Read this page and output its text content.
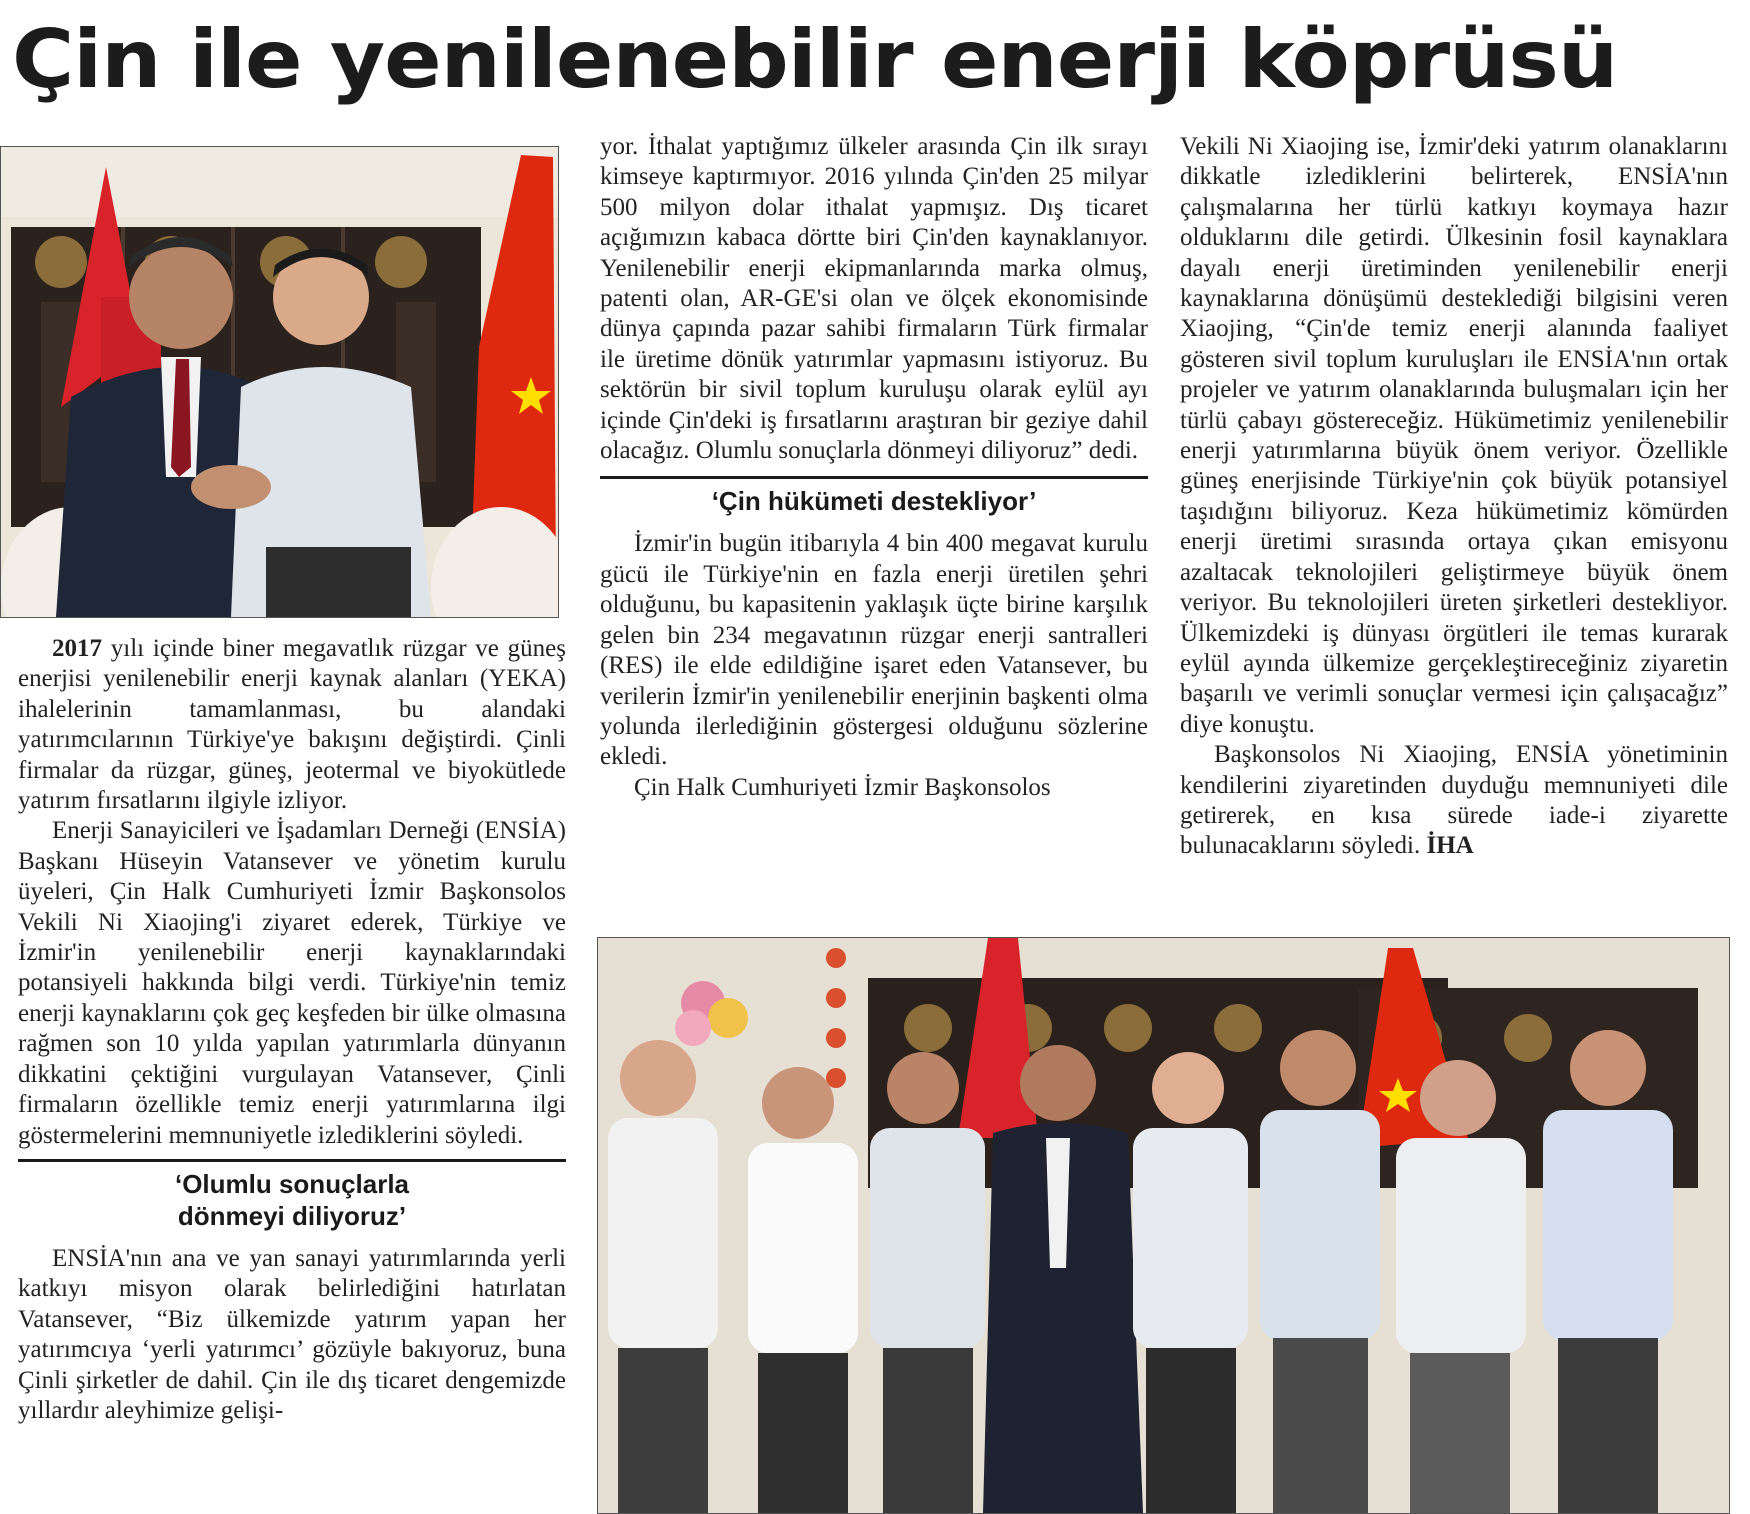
Çin ile yenilenebilir enerji köprüsü

2017 yılı içinde biner megavatlık rüzgar ve güneş enerjisi yenilenebilir enerji kaynak alanları (YEKA) ihalelerinin tamamlanması, bu alandaki yatırımcılarının Türkiye'ye bakışını değiştirdi. Çinli firmalar da rüzgar, güneş, jeotermal ve biyokütlede yatırım fırsatlarını ilgiyle izliyor.

Enerji Sanayicileri ve İşadamları Derneği (ENSİA) Başkanı Hüseyin Vatansever ve yönetim kurulu üyeleri, Çin Halk Cumhuriyeti İzmir Başkonsolos Vekili Ni Xiaojing'i ziyaret ederek, Türkiye ve İzmir'in yenilenebilir enerji kaynaklarındaki potansiyeli hakkında bilgi verdi. Türkiye'nin temiz enerji kaynaklarını çok geç keşfeden bir ülke olmasına rağmen son 10 yılda yapılan yatırımlarla dünyanın dikkatini çektiğini vurgulayan Vatansever, Çinli firmaların özellikle temiz enerji yatırımlarına ilgi göstermelerini memnuniyetle izlediklerini söyledi.

‘Olumlu sonuçlarla
dönmeyi diliyoruz’

ENSİA'nın ana ve yan sanayi yatırımlarında yerli katkıyı misyon olarak belirlediğini hatırlatan Vatansever, “Biz ülkemizde yatırım yapan her yatırımcıya ‘yerli yatırımcı’ gözüyle bakıyoruz, buna Çinli şirketler de dahil. Çin ile dış ticaret dengemizde yıllardır aleyhimize gelişi-

yor. İthalat yaptığımız ülkeler arasında Çin ilk sırayı kimseye kaptırmıyor. 2016 yılında Çin'den 25 milyar 500 milyon dolar ithalat yapmışız. Dış ticaret açığımızın kabaca dörtte biri Çin'den kaynaklanıyor. Yenilenebilir enerji ekipmanlarında marka olmuş, patenti olan, AR-GE'si olan ve ölçek ekonomisinde dünya çapında pazar sahibi firmaların Türk firmalar ile üretime dönük yatırımlar yapmasını istiyoruz. Bu sektörün bir sivil toplum kuruluşu olarak eylül ayı içinde Çin'deki iş fırsatlarını araştıran bir geziye dahil olacağız. Olumlu sonuçlarla dönmeyi diliyoruz” dedi.

‘Çin hükümeti destekliyor’

İzmir'in bugün itibarıyla 4 bin 400 megavat kurulu gücü ile Türkiye'nin en fazla enerji üretilen şehri olduğunu, bu kapasitenin yaklaşık üçte birine karşılık gelen bin 234 megavatının rüzgar enerji santralleri (RES) ile elde edildiğine işaret eden Vatansever, bu verilerin İzmir'in yenilenebilir enerjinin başkenti olma yolunda ilerlediğinin göstergesi olduğunu sözlerine ekledi.

Çin Halk Cumhuriyeti İzmir Başkonsolos

Vekili Ni Xiaojing ise, İzmir'deki yatırım olanaklarını dikkatle izlediklerini belirterek, ENSİA'nın çalışmalarına her türlü katkıyı koymaya hazır olduklarını dile getirdi. Ülkesinin fosil kaynaklara dayalı enerji üretiminden yenilenebilir enerji kaynaklarına dönüşümü desteklediği bilgisini veren Xiaojing, “Çin'de temiz enerji alanında faaliyet gösteren sivil toplum kuruluşları ile ENSİA'nın ortak projeler ve yatırım olanaklarında buluşmaları için her türlü çabayı göstereceğiz. Hükümetimiz yenilenebilir enerji yatırımlarına büyük önem veriyor. Özellikle güneş enerjisinde Türkiye'nin çok büyük potansiyel taşıdığını biliyoruz. Keza hükümetimiz kömürden enerji üretimi sırasında ortaya çıkan emisyonu azaltacak teknolojileri geliştirmeye büyük önem veriyor. Bu teknolojileri üreten şirketleri destekliyor. Ülkemizdeki iş dünyası örgütleri ile temas kurarak eylül ayında ülkemize gerçekleştireceğiniz ziyaretin başarılı ve verimli sonuçlar vermesi için çalışacağız” diye konuştu.

Başkonsolos Ni Xiaojing, ENSİA yönetiminin kendilerini ziyaretinden duyduğu memnuniyeti dile getirerek, en kısa sürede iade-i ziyarette bulunacaklarını söyledi. İHA
